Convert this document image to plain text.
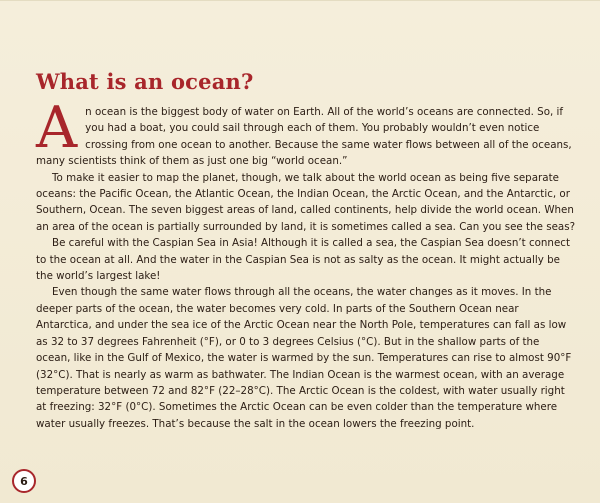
What is an ocean?

An ocean is the biggest body of water on Earth. All of the world’s oceans are connected. So, if you had a boat, you could sail through each of them. You probably wouldn’t even notice crossing from one ocean to another. Because the same water flows between all of the oceans, many scientists think of them as just one big “world ocean.”

To make it easier to map the planet, though, we talk about the world ocean as being five separate oceans: the Pacific Ocean, the Atlantic Ocean, the Indian Ocean, the Arctic Ocean, and the Antarctic, or Southern, Ocean. The seven biggest areas of land, called continents, help divide the world ocean. When an area of the ocean is partially surrounded by land, it is sometimes called a sea. Can you see the seas?

Be careful with the Caspian Sea in Asia! Although it is called a sea, the Caspian Sea doesn’t connect to the ocean at all. And the water in the Caspian Sea is not as salty as the ocean. It might actually be the world’s largest lake!

Even though the same water flows through all the oceans, the water changes as it moves. In the deeper parts of the ocean, the water becomes very cold. In parts of the Southern Ocean near Antarctica, and under the sea ice of the Arctic Ocean near the North Pole, temperatures can fall as low as 32 to 37 degrees Fahrenheit (°F), or 0 to 3 degrees Celsius (°C). But in the shallow parts of the ocean, like in the Gulf of Mexico, the water is warmed by the sun. Temperatures can rise to almost 90°F (32°C). That is nearly as warm as bathwater. The Indian Ocean is the warmest ocean, with an average temperature between 72 and 82°F (22–28°C). The Arctic Ocean is the coldest, with water usually right at freezing: 32°F (0°C). Sometimes the Arctic Ocean can be even colder than the temperature where water usually freezes. That’s because the salt in the ocean lowers the freezing point.

6
